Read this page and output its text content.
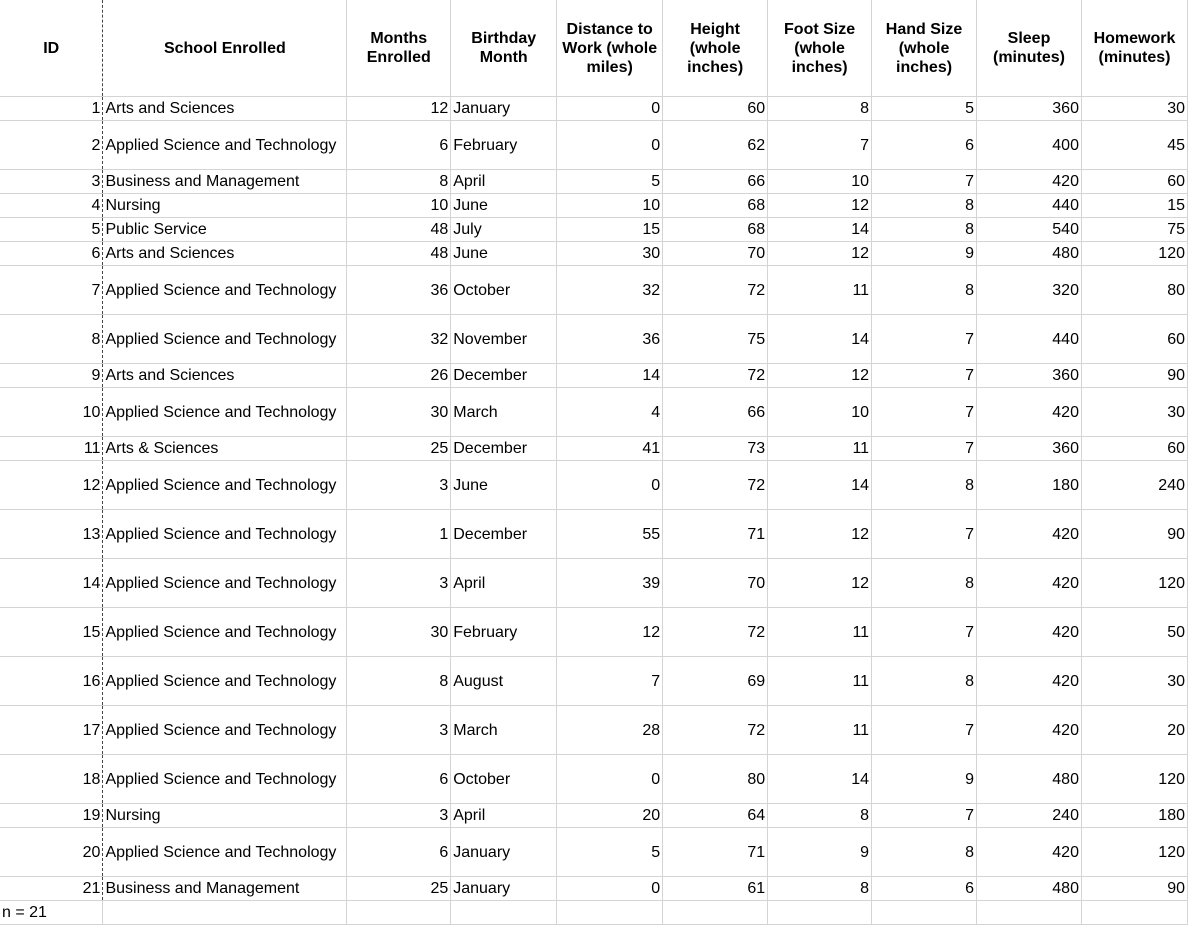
ID	School Enrolled	Months Enrolled	Birthday Month	Distance to Work (whole miles)	Height (whole inches)	Foot Size (whole inches)	Hand Size (whole inches)	Sleep (minutes)	Homework (minutes)
1	Arts and Sciences	12	January	0	60	8	5	360	30
2	Applied Science and Technology	6	February	0	62	7	6	400	45
3	Business and Management	8	April	5	66	10	7	420	60
4	Nursing	10	June	10	68	12	8	440	15
5	Public Service	48	July	15	68	14	8	540	75
6	Arts and Sciences	48	June	30	70	12	9	480	120
7	Applied Science and Technology	36	October	32	72	11	8	320	80
8	Applied Science and Technology	32	November	36	75	14	7	440	60
9	Arts and Sciences	26	December	14	72	12	7	360	90
10	Applied Science and Technology	30	March	4	66	10	7	420	30
11	Arts & Sciences	25	December	41	73	11	7	360	60
12	Applied Science and Technology	3	June	0	72	14	8	180	240
13	Applied Science and Technology	1	December	55	71	12	7	420	90
14	Applied Science and Technology	3	April	39	70	12	8	420	120
15	Applied Science and Technology	30	February	12	72	11	7	420	50
16	Applied Science and Technology	8	August	7	69	11	8	420	30
17	Applied Science and Technology	3	March	28	72	11	7	420	20
18	Applied Science and Technology	6	October	0	80	14	9	480	120
19	Nursing	3	April	20	64	8	7	240	180
20	Applied Science and Technology	6	January	5	71	9	8	420	120
21	Business and Management	25	January	0	61	8	6	480	90
n = 21									
